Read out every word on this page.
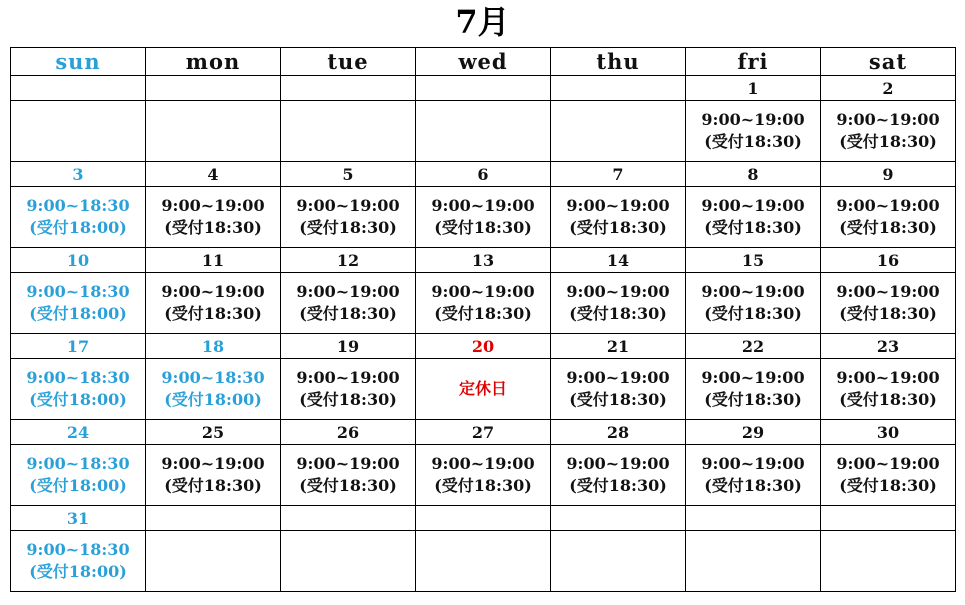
7月
sun	mon	tue	wed	thu	fri	sat
					1	2

					9:00~19:00
(受付18:30)	9:00~19:00
(受付18:30)

3	4	5	6	7	8	9

9:00~18:30
(受付18:00)	9:00~19:00
(受付18:30)	9:00~19:00
(受付18:30)	9:00~19:00
(受付18:30)	9:00~19:00
(受付18:30)	9:00~19:00
(受付18:30)	9:00~19:00
(受付18:30)

10	11	12	13	14	15	16

9:00~18:30
(受付18:00)	9:00~19:00
(受付18:30)	9:00~19:00
(受付18:30)	9:00~19:00
(受付18:30)	9:00~19:00
(受付18:30)	9:00~19:00
(受付18:30)	9:00~19:00
(受付18:30)

17	18	19	20	21	22	23

9:00~18:30
(受付18:00)	9:00~18:30
(受付18:00)	9:00~19:00
(受付18:30)	定休日	9:00~19:00
(受付18:30)	9:00~19:00
(受付18:30)	9:00~19:00
(受付18:30)

24	25	26	27	28	29	30

9:00~18:30
(受付18:00)	9:00~19:00
(受付18:30)	9:00~19:00
(受付18:30)	9:00~19:00
(受付18:30)	9:00~19:00
(受付18:30)	9:00~19:00
(受付18:30)	9:00~19:00
(受付18:30)

31						

9:00~18:30
(受付18:00)						
